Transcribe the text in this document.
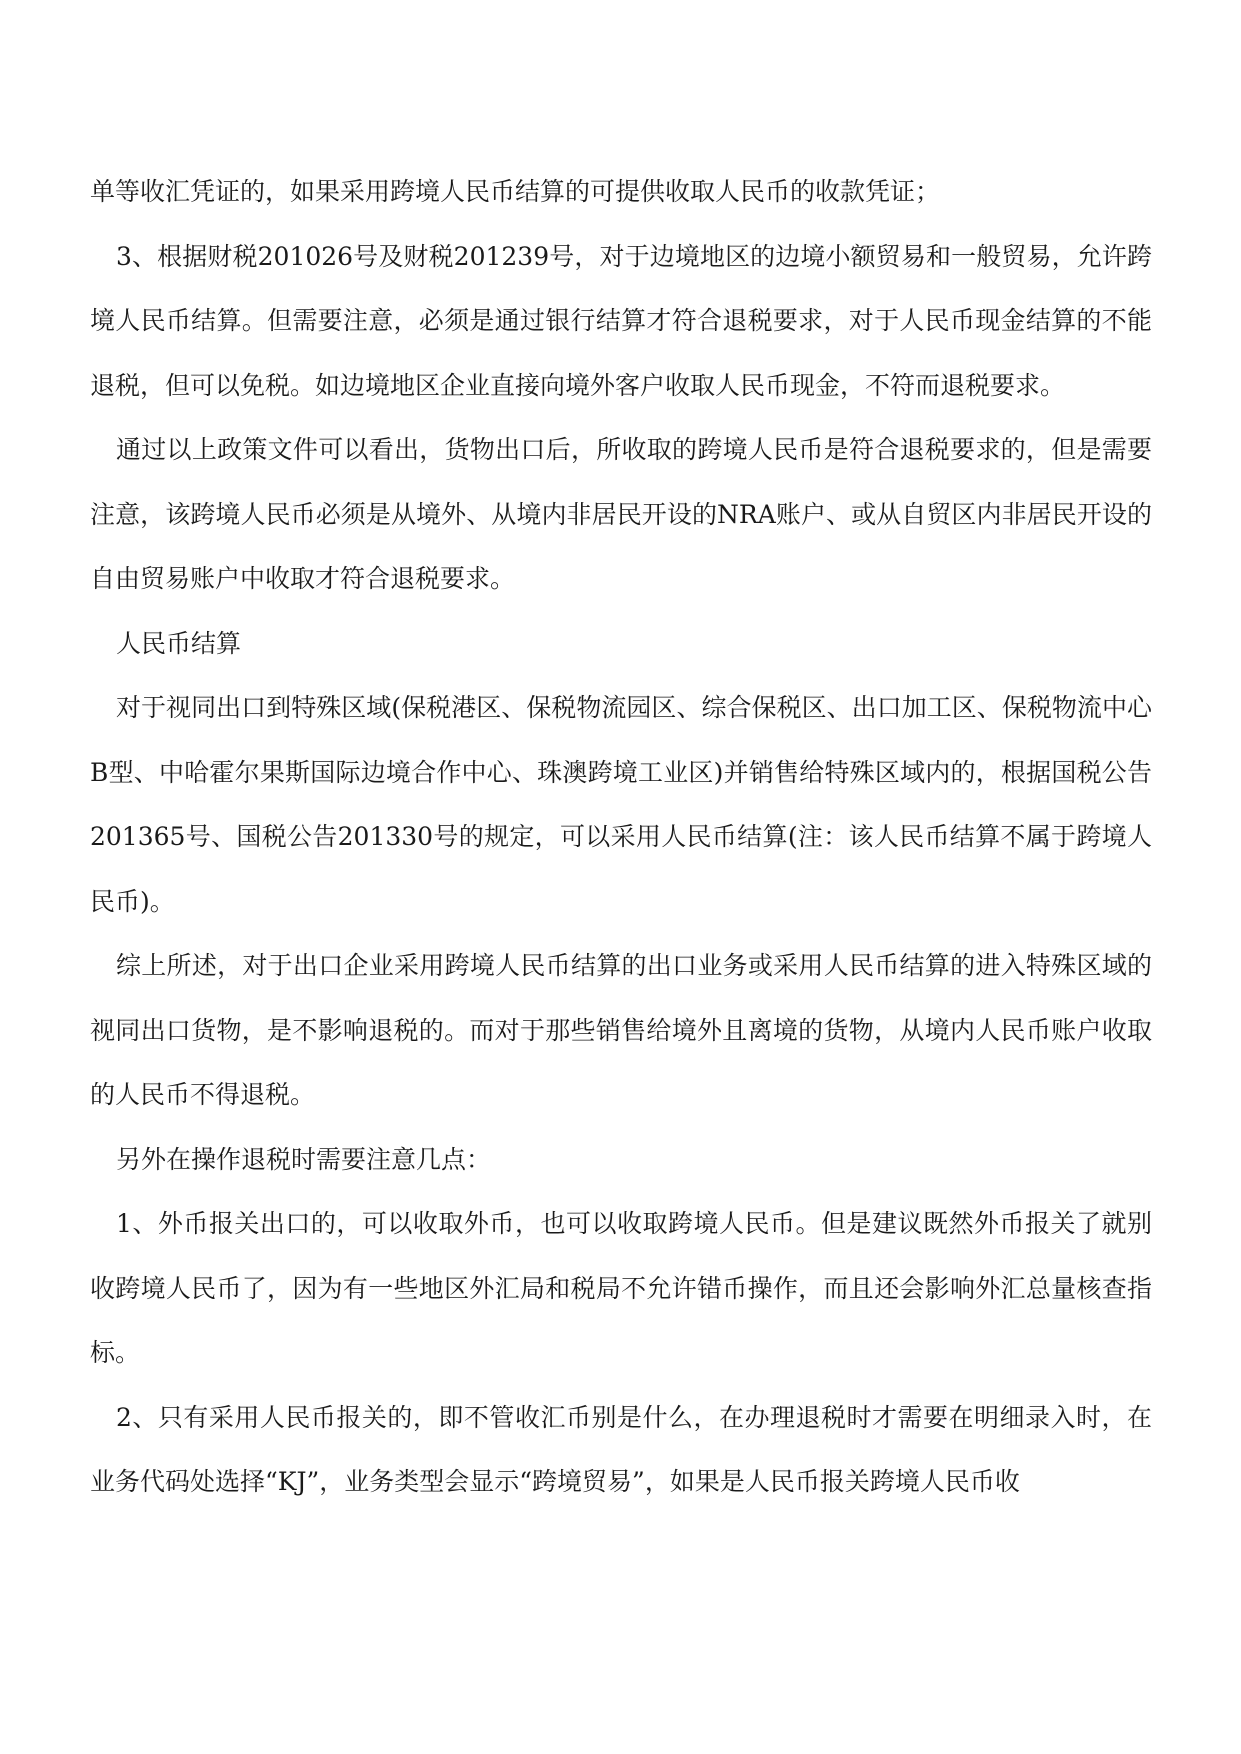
单等收汇凭证的，如果采用跨境人民币结算的可提供收取人民币的收款凭证；

3、根据财税201026号及财税201239号，对于边境地区的边境小额贸易和一般贸易，允许跨境人民币结算。但需要注意，必须是通过银行结算才符合退税要求，对于人民币现金结算的不能退税，但可以免税。如边境地区企业直接向境外客户收取人民币现金，不符而退税要求。

通过以上政策文件可以看出，货物出口后，所收取的跨境人民币是符合退税要求的，但是需要注意，该跨境人民币必须是从境外、从境内非居民开设的NRA账户、或从自贸区内非居民开设的自由贸易账户中收取才符合退税要求。

人民币结算

对于视同出口到特殊区域(保税港区、保税物流园区、综合保税区、出口加工区、保税物流中心B型、中哈霍尔果斯国际边境合作中心、珠澳跨境工业区)并销售给特殊区域内的，根据国税公告201365号、国税公告201330号的规定，可以采用人民币结算(注：该人民币结算不属于跨境人民币)。

综上所述，对于出口企业采用跨境人民币结算的出口业务或采用人民币结算的进入特殊区域的视同出口货物，是不影响退税的。而对于那些销售给境外且离境的货物，从境内人民币账户收取的人民币不得退税。

另外在操作退税时需要注意几点：

1、外币报关出口的，可以收取外币，也可以收取跨境人民币。但是建议既然外币报关了就别收跨境人民币了，因为有一些地区外汇局和税局不允许错币操作，而且还会影响外汇总量核查指标。

2、只有采用人民币报关的，即不管收汇币别是什么，在办理退税时才需要在明细录入时，在业务代码处选择“KJ”，业务类型会显示“跨境贸易”，如果是人民币报关跨境人民币收
